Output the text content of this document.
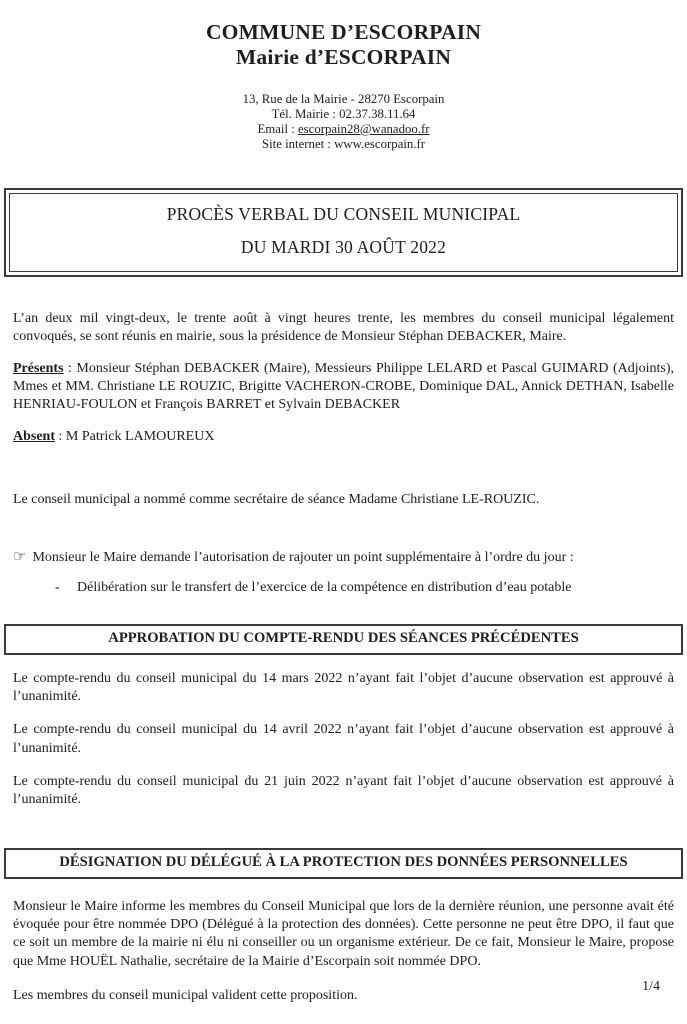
COMMUNE D’ESCORPAIN
Mairie d’ESCORPAIN
13, Rue de la Mairie - 28270 Escorpain
Tél. Mairie : 02.37.38.11.64
Email : escorpain28@wanadoo.fr
Site internet : www.escorpain.fr
PROCÈS VERBAL DU CONSEIL MUNICIPAL
DU MARDI 30 AOÛT 2022

L’an deux mil vingt-deux, le trente août à vingt heures trente, les membres du conseil municipal légalement convoqués, se sont réunis en mairie, sous la présidence de Monsieur Stéphan DEBACKER, Maire.

Présents : Monsieur Stéphan DEBACKER (Maire), Messieurs Philippe LELARD et Pascal GUIMARD (Adjoints), Mmes et MM. Christiane LE ROUZIC, Brigitte VACHERON-CROBE, Dominique DAL, Annick DETHAN, Isabelle HENRIAU-FOULON et François BARRET et Sylvain DEBACKER

Absent : M Patrick LAMOUREUX

Le conseil municipal a nommé comme secrétaire de séance Madame Christiane LE-ROUZIC.

☞ Monsieur le Maire demande l’autorisation de rajouter un point supplémentaire à l’ordre du jour :

-	Délibération sur le transfert de l’exercice de la compétence en distribution d’eau potable
APPROBATION DU COMPTE-RENDU DES SÉANCES PRÉCÉDENTES

Le compte-rendu du conseil municipal du 14 mars 2022 n’ayant fait l’objet d’aucune observation est approuvé à l’unanimité.

Le compte-rendu du conseil municipal du 14 avril 2022 n’ayant fait l’objet d’aucune observation est approuvé à l’unanimité.

Le compte-rendu du conseil municipal du 21 juin 2022 n’ayant fait l’objet d’aucune observation est approuvé à l’unanimité.

DÉSIGNATION DU DÉLÉGUÉ À LA PROTECTION DES DONNÉES PERSONNELLES

Monsieur le Maire informe les membres du Conseil Municipal que lors de la dernière réunion, une personne avait été évoquée pour être nommée DPO (Délégué à la protection des données). Cette personne ne peut être DPO, il faut que ce soit un membre de la mairie ni élu ni conseiller ou un organisme extérieur. De ce fait, Monsieur le Maire, propose que Mme HOUËL Nathalie, secrétaire de la Mairie d’Escorpain soit nommée DPO.

Les membres du conseil municipal valident cette proposition.

1/4
